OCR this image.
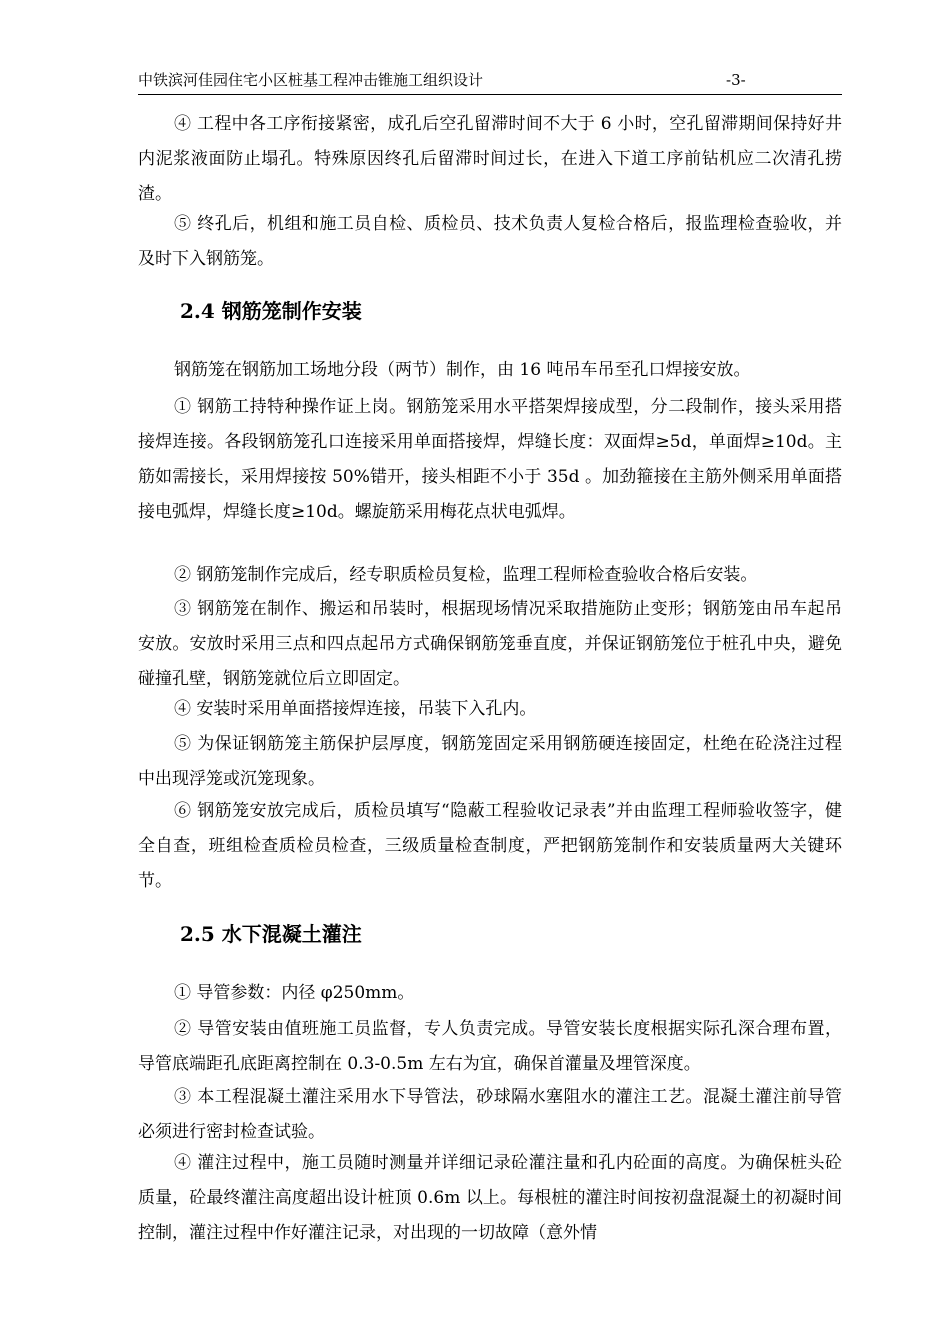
中铁滨河佳园住宅小区桩基工程冲击锥施工组织设计	-3-

④ 工程中各工序衔接紧密，成孔后空孔留滞时间不大于 6 小时，空孔留滞期间保持好井内泥浆液面防止塌孔。特殊原因终孔后留滞时间过长，在进入下道工序前钻机应二次清孔捞渣。

⑤ 终孔后，机组和施工员自检、质检员、技术负责人复检合格后，报监理检查验收，并及时下入钢筋笼。

2.4 钢筋笼制作安装

钢筋笼在钢筋加工场地分段（两节）制作，由 16 吨吊车吊至孔口焊接安放。

① 钢筋工持特种操作证上岗。钢筋笼采用水平搭架焊接成型，分二段制作，接头采用搭接焊连接。各段钢筋笼孔口连接采用单面搭接焊，焊缝长度：双面焊≥5d，单面焊≥10d。主筋如需接长，采用焊接按 50%错开，接头相距不小于 35d 。加劲箍接在主筋外侧采用单面搭接电弧焊，焊缝长度≥10d。螺旋筋采用梅花点状电弧焊。

② 钢筋笼制作完成后，经专职质检员复检，监理工程师检查验收合格后安装。

③ 钢筋笼在制作、搬运和吊装时，根据现场情况采取措施防止变形；钢筋笼由吊车起吊安放。安放时采用三点和四点起吊方式确保钢筋笼垂直度，并保证钢筋笼位于桩孔中央，避免碰撞孔壁，钢筋笼就位后立即固定。

④ 安装时采用单面搭接焊连接，吊装下入孔内。

⑤ 为保证钢筋笼主筋保护层厚度，钢筋笼固定采用钢筋硬连接固定，杜绝在砼浇注过程中出现浮笼或沉笼现象。

⑥ 钢筋笼安放完成后，质检员填写“隐蔽工程验收记录表”并由监理工程师验收签字，健全自查，班组检查质检员检查，三级质量检查制度，严把钢筋笼制作和安装质量两大关键环节。

2.5 水下混凝土灌注

① 导管参数：内径 φ250mm。

② 导管安装由值班施工员监督，专人负责完成。导管安装长度根据实际孔深合理布置，导管底端距孔底距离控制在 0.3-0.5m 左右为宜，确保首灌量及埋管深度。

③ 本工程混凝土灌注采用水下导管法，砂球隔水塞阻水的灌注工艺。混凝土灌注前导管必须进行密封检查试验。

④ 灌注过程中，施工员随时测量并详细记录砼灌注量和孔内砼面的高度。为确保桩头砼质量，砼最终灌注高度超出设计桩顶 0.6m 以上。每根桩的灌注时间按初盘混凝土的初凝时间控制，灌注过程中作好灌注记录，对出现的一切故障（意外情
